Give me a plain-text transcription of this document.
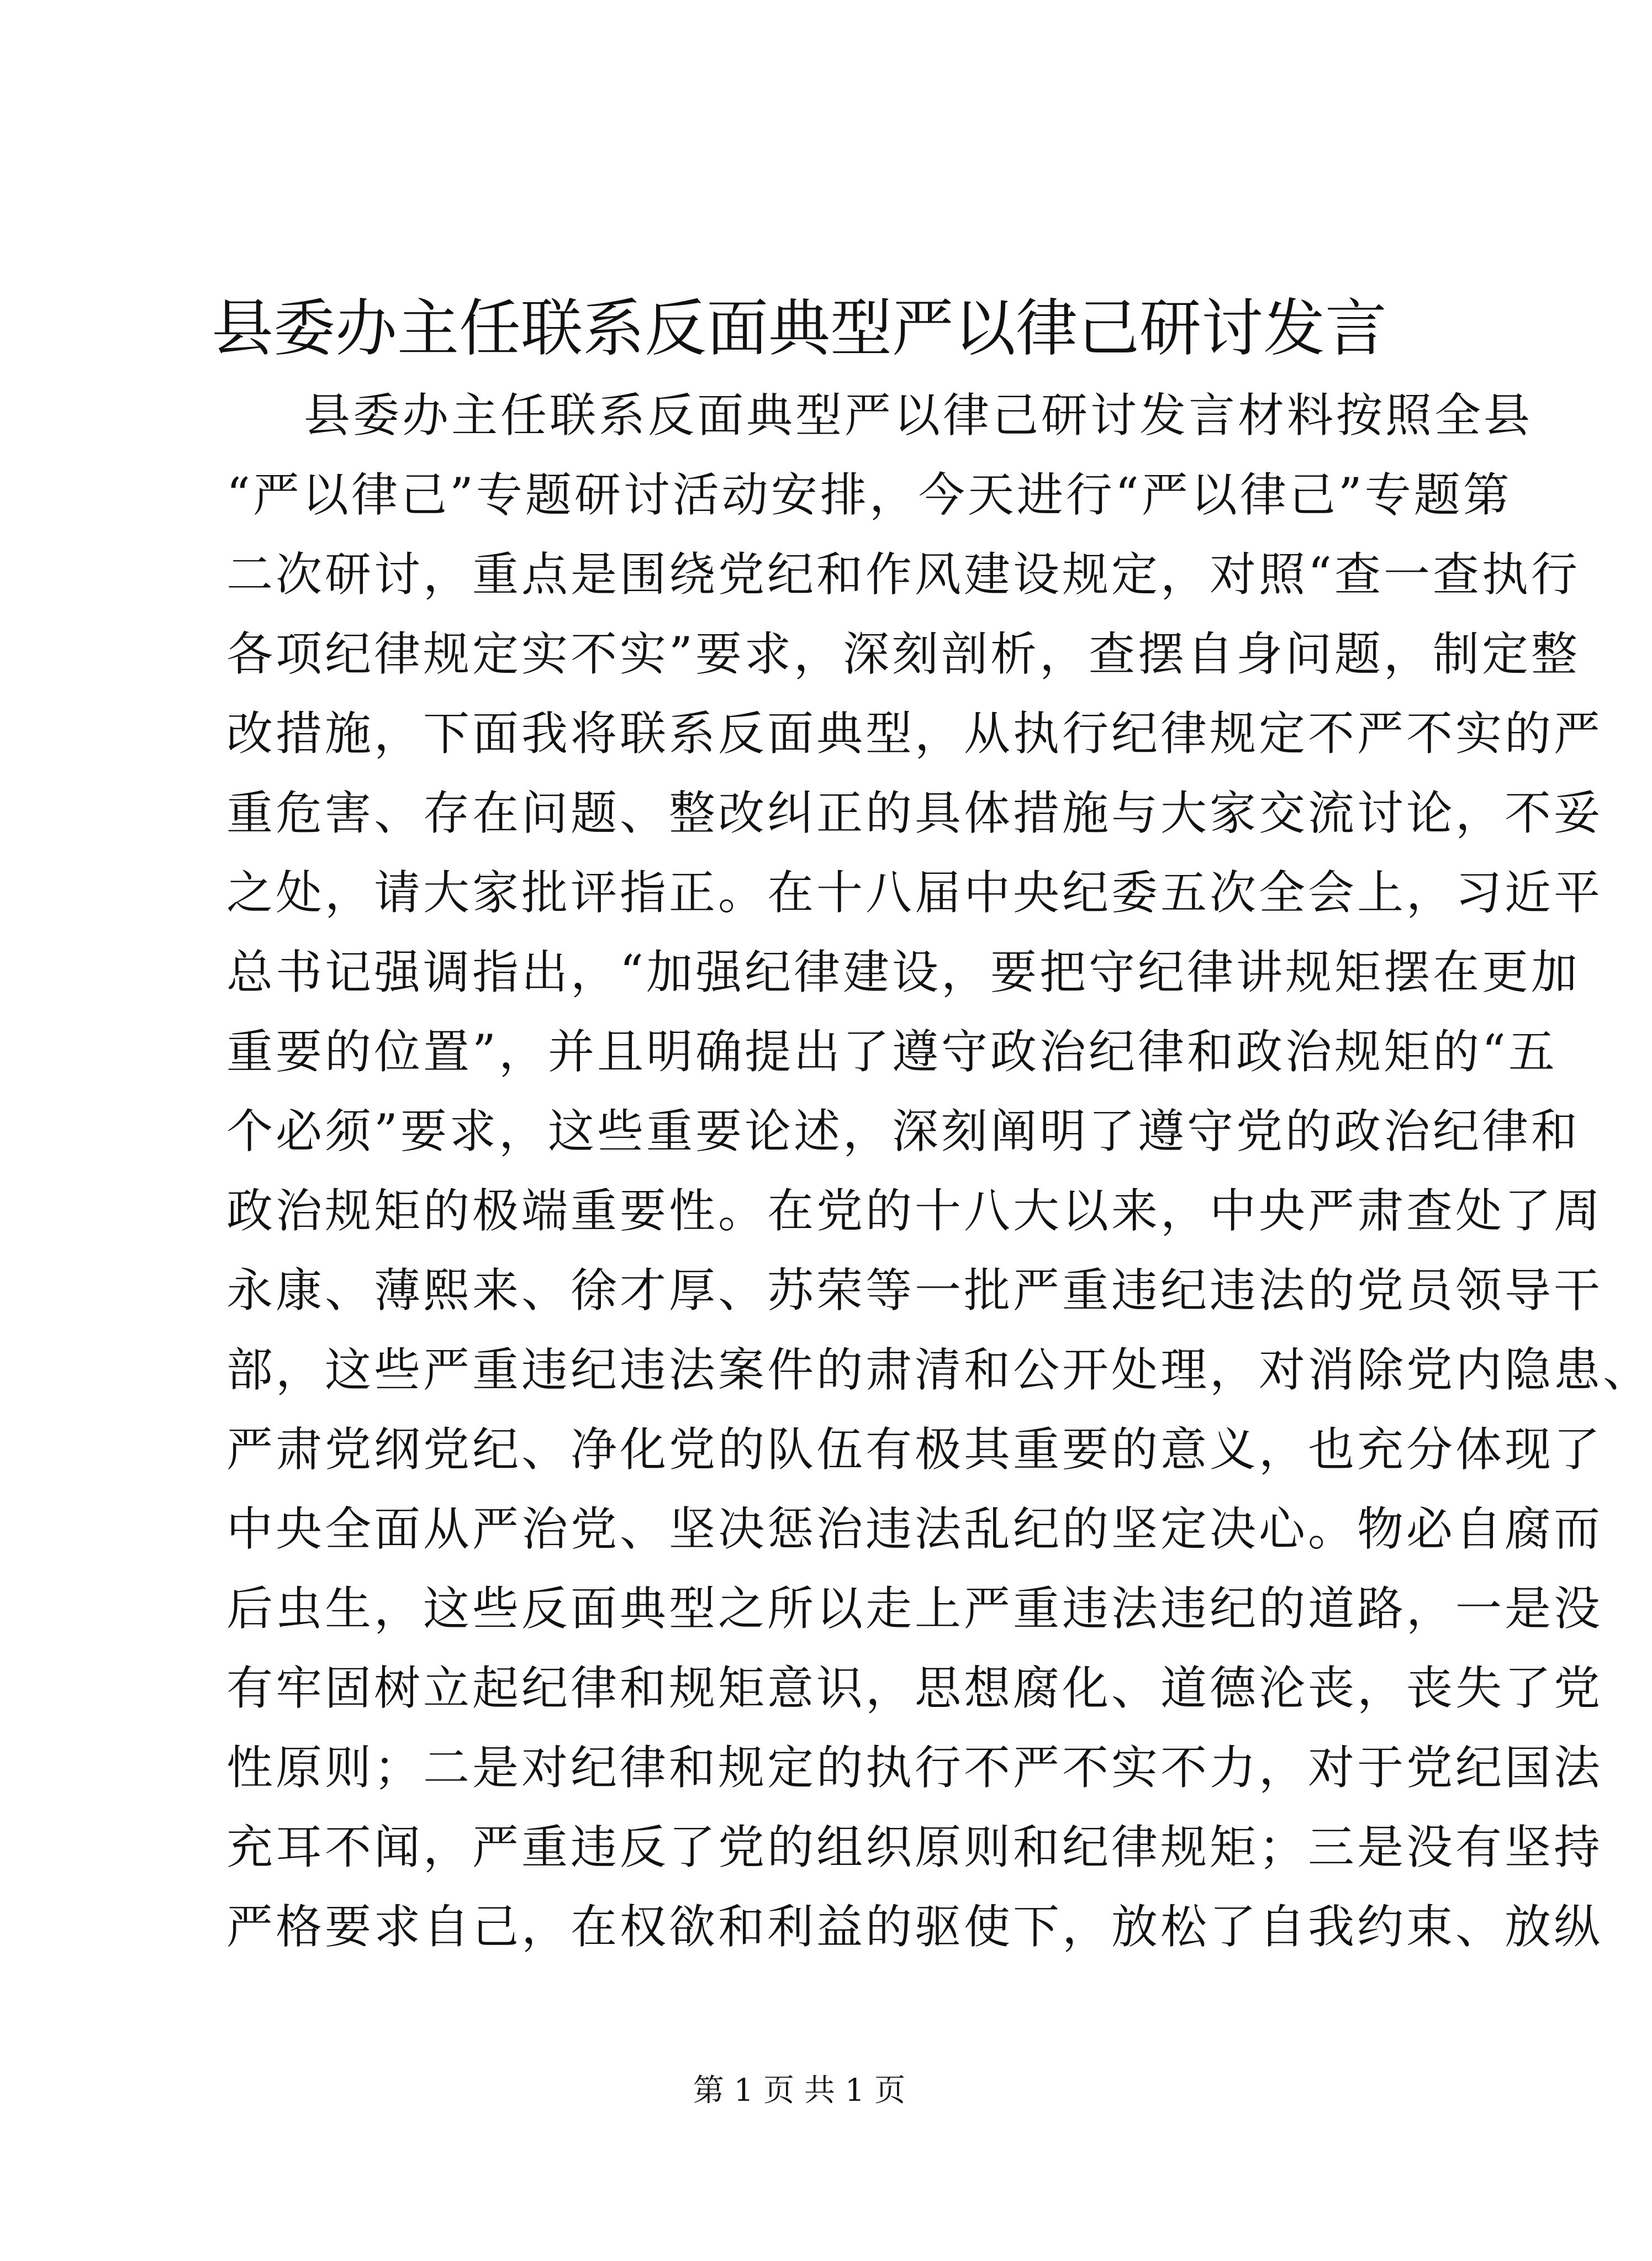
县委办主任联系反面典型严以律己研讨发言
县委办主任联系反面典型严以律己研讨发言材料按照全县
“严以律己”专题研讨活动安排，今天进行“严以律己”专题第
二次研讨，重点是围绕党纪和作风建设规定，对照“查一查执行
各项纪律规定实不实”要求，深刻剖析，查摆自身问题，制定整
改措施，下面我将联系反面典型，从执行纪律规定不严不实的严
重危害、存在问题、整改纠正的具体措施与大家交流讨论，不妥
之处，请大家批评指正。在十八届中央纪委五次全会上，习近平
总书记强调指出，“加强纪律建设，要把守纪律讲规矩摆在更加
重要的位置”，并且明确提出了遵守政治纪律和政治规矩的“五
个必须”要求，这些重要论述，深刻阐明了遵守党的政治纪律和
政治规矩的极端重要性。在党的十八大以来，中央严肃查处了周
永康、薄熙来、徐才厚、苏荣等一批严重违纪违法的党员领导干
部，这些严重违纪违法案件的肃清和公开处理，对消除党内隐患、
严肃党纲党纪、净化党的队伍有极其重要的意义，也充分体现了
中央全面从严治党、坚决惩治违法乱纪的坚定决心。物必自腐而
后虫生，这些反面典型之所以走上严重违法违纪的道路，一是没
有牢固树立起纪律和规矩意识，思想腐化、道德沦丧，丧失了党
性原则；二是对纪律和规定的执行不严不实不力，对于党纪国法
充耳不闻，严重违反了党的组织原则和纪律规矩；三是没有坚持
严格要求自己，在权欲和利益的驱使下，放松了自我约束、放纵
第 1 页 共 1 页
